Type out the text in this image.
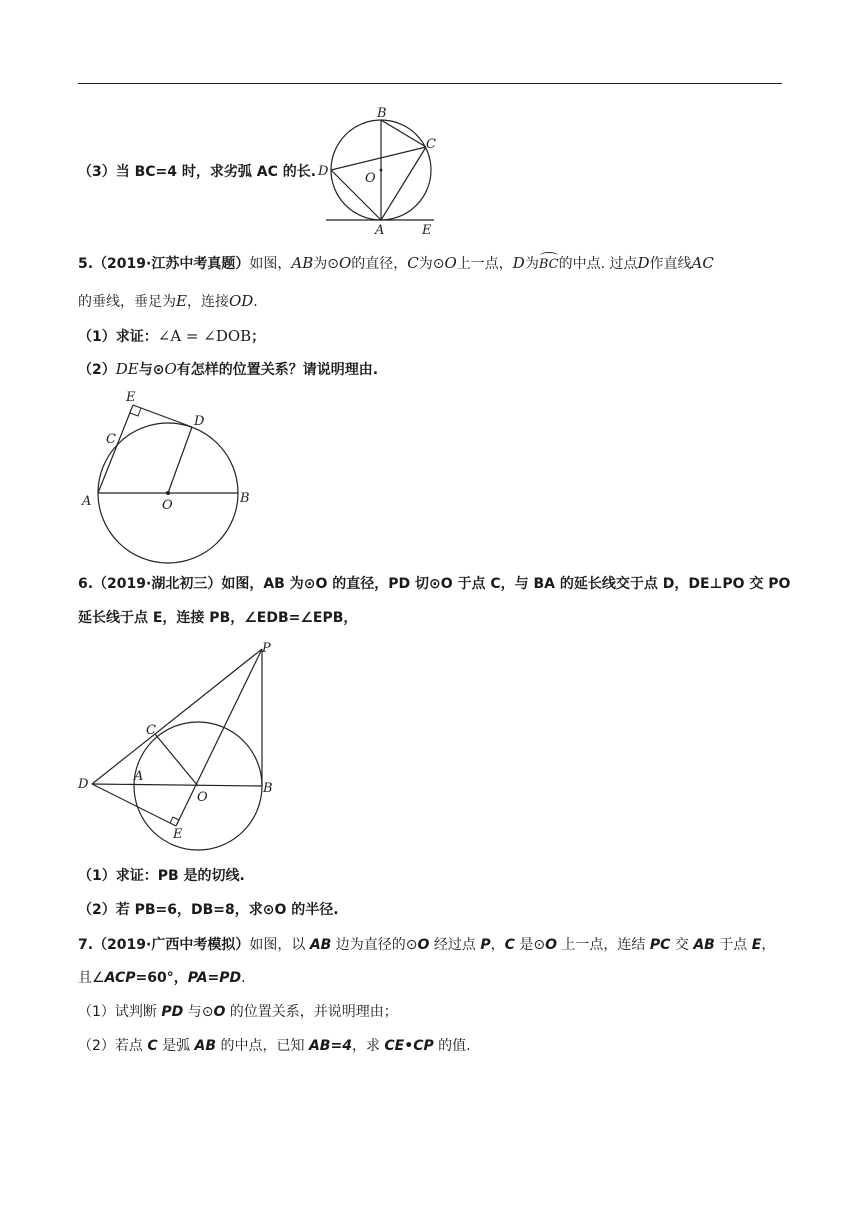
（3）当 BC=4 时，求劣弧 AC 的长.
B
C
D	O
A	E
5.（2019·江苏中考真题）如图，AB为⊙O的直径，C为⊙O上一点，D为BC的中点. 过点D作直线AC
的垂线，垂足为E，连接OD.
（1）求证：∠A = ∠DOB；
（2）DE与⊙O有怎样的位置关系？请说明理由.
E
C
D
A	O	B
6.（2019·湖北初三）如图，AB 为⊙O 的直径，PD 切⊙O 于点 C，与 BA 的延长线交于点 D，DE⊥PO 交 PO
延长线于点 E，连接 PB，∠EDB=∠EPB，
P
C
D
A
O
B
E
（1）求证：PB 是的切线.
（2）若 PB=6，DB=8，求⊙O 的半径.
7.（2019·广西中考模拟）如图，以 AB 边为直径的⊙O 经过点 P，C 是⊙O 上一点，连结 PC 交 AB 于点 E，
且∠ACP=60°，PA=PD.
（1）试判断 PD 与⊙O 的位置关系，并说明理由；
（2）若点 C 是弧 AB 的中点，已知 AB=4，求 CE•CP 的值.
